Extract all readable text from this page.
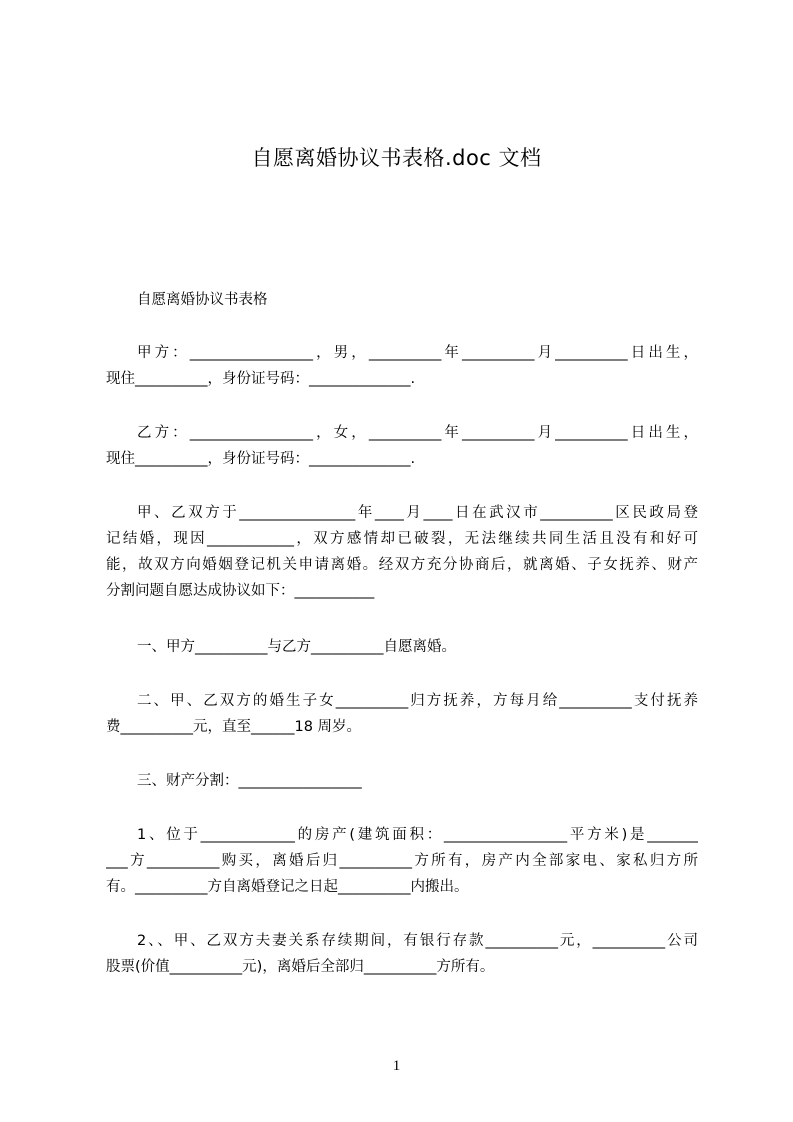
自愿离婚协议书表格.doc 文档
自愿离婚协议书表格
甲方：_________________，男，__________年__________月__________日出生，
现住__________，身份证号码：______________.
乙方：_________________，女，__________年__________月__________日出生，
现住__________，身份证号码：______________.
甲、乙双方于________________年____月____日在武汉市__________区民政局登
记结婚，现因____________，双方感情却已破裂，无法继续共同生活且没有和好可
能，故双方向婚姻登记机关申请离婚。经双方充分协商后，就离婚、子女抚养、财产
分割问题自愿达成协议如下：___________
一、甲方__________与乙方__________自愿离婚。
二、甲、乙双方的婚生子女__________归方抚养，方每月给__________支付抚养
费__________元，直至______18 周岁。
三、财产分割：_________________
1、位于_____________的房产(建筑面积：_________________平方米)是_______
___方__________购买，离婚后归__________方所有，房产内全部家电、家私归方所
有。__________方自离婚登记之日起__________内搬出。
2、、甲、乙双方夫妻关系存续期间，有银行存款__________元，__________公司
股票(价值__________元)，离婚后全部归__________方所有。
1
